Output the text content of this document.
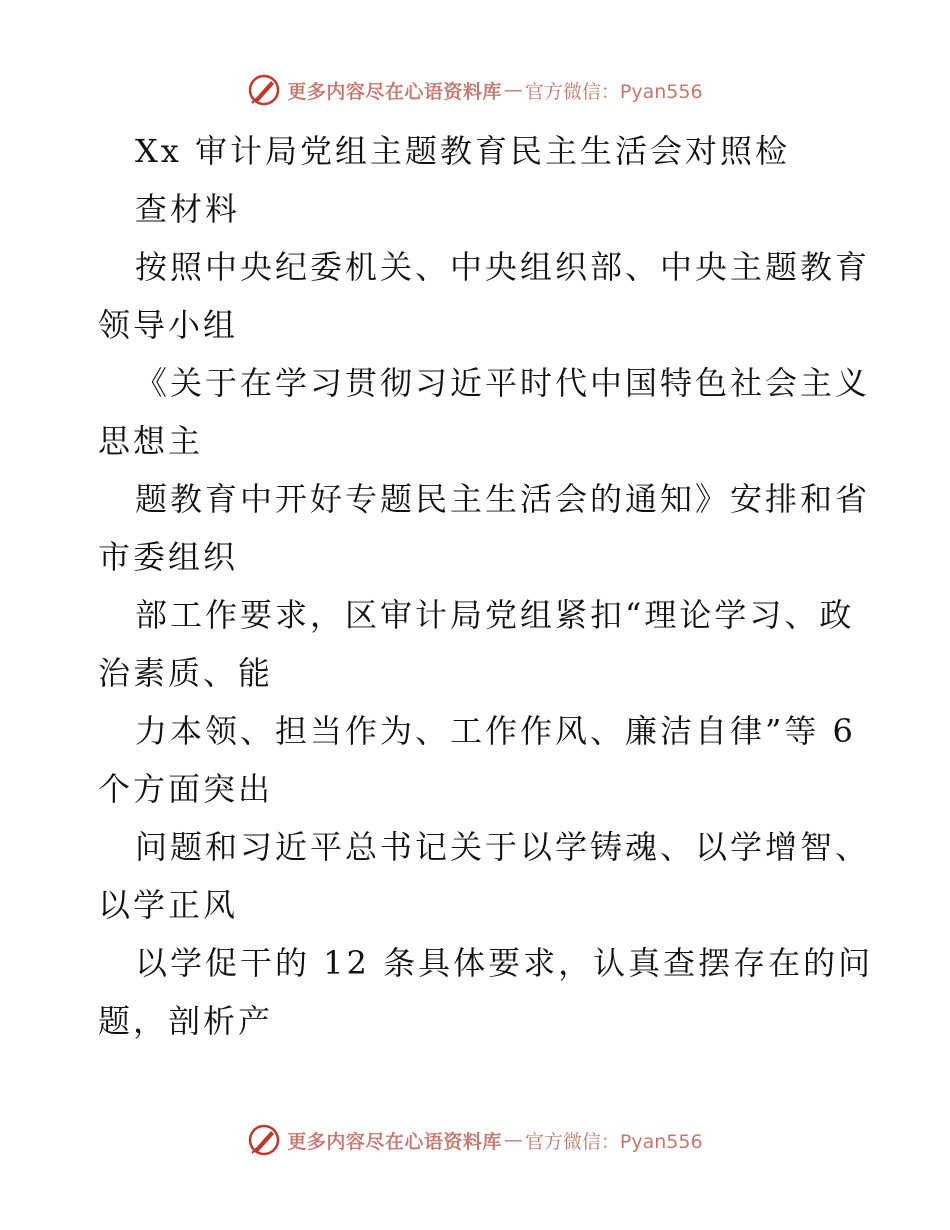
更多内容尽在心语资料库 — 官方微信：Pyan556
Xx 审计局党组主题教育民主生活会对照检
查材料
按照中央纪委机关、中央组织部、中央主题教育
领导小组
《关于在学习贯彻习近平时代中国特色社会主义
思想主
题教育中开好专题民主生活会的通知》安排和省
市委组织
部工作要求，区审计局党组紧扣“理论学习、政
治素质、能
力本领、担当作为、工作作风、廉洁自律”等 6
个方面突出
问题和习近平总书记关于以学铸魂、以学增智、
以学正风
以学促干的 12 条具体要求，认真查摆存在的问
题，剖析产
更多内容尽在心语资料库 — 官方微信：Pyan556
